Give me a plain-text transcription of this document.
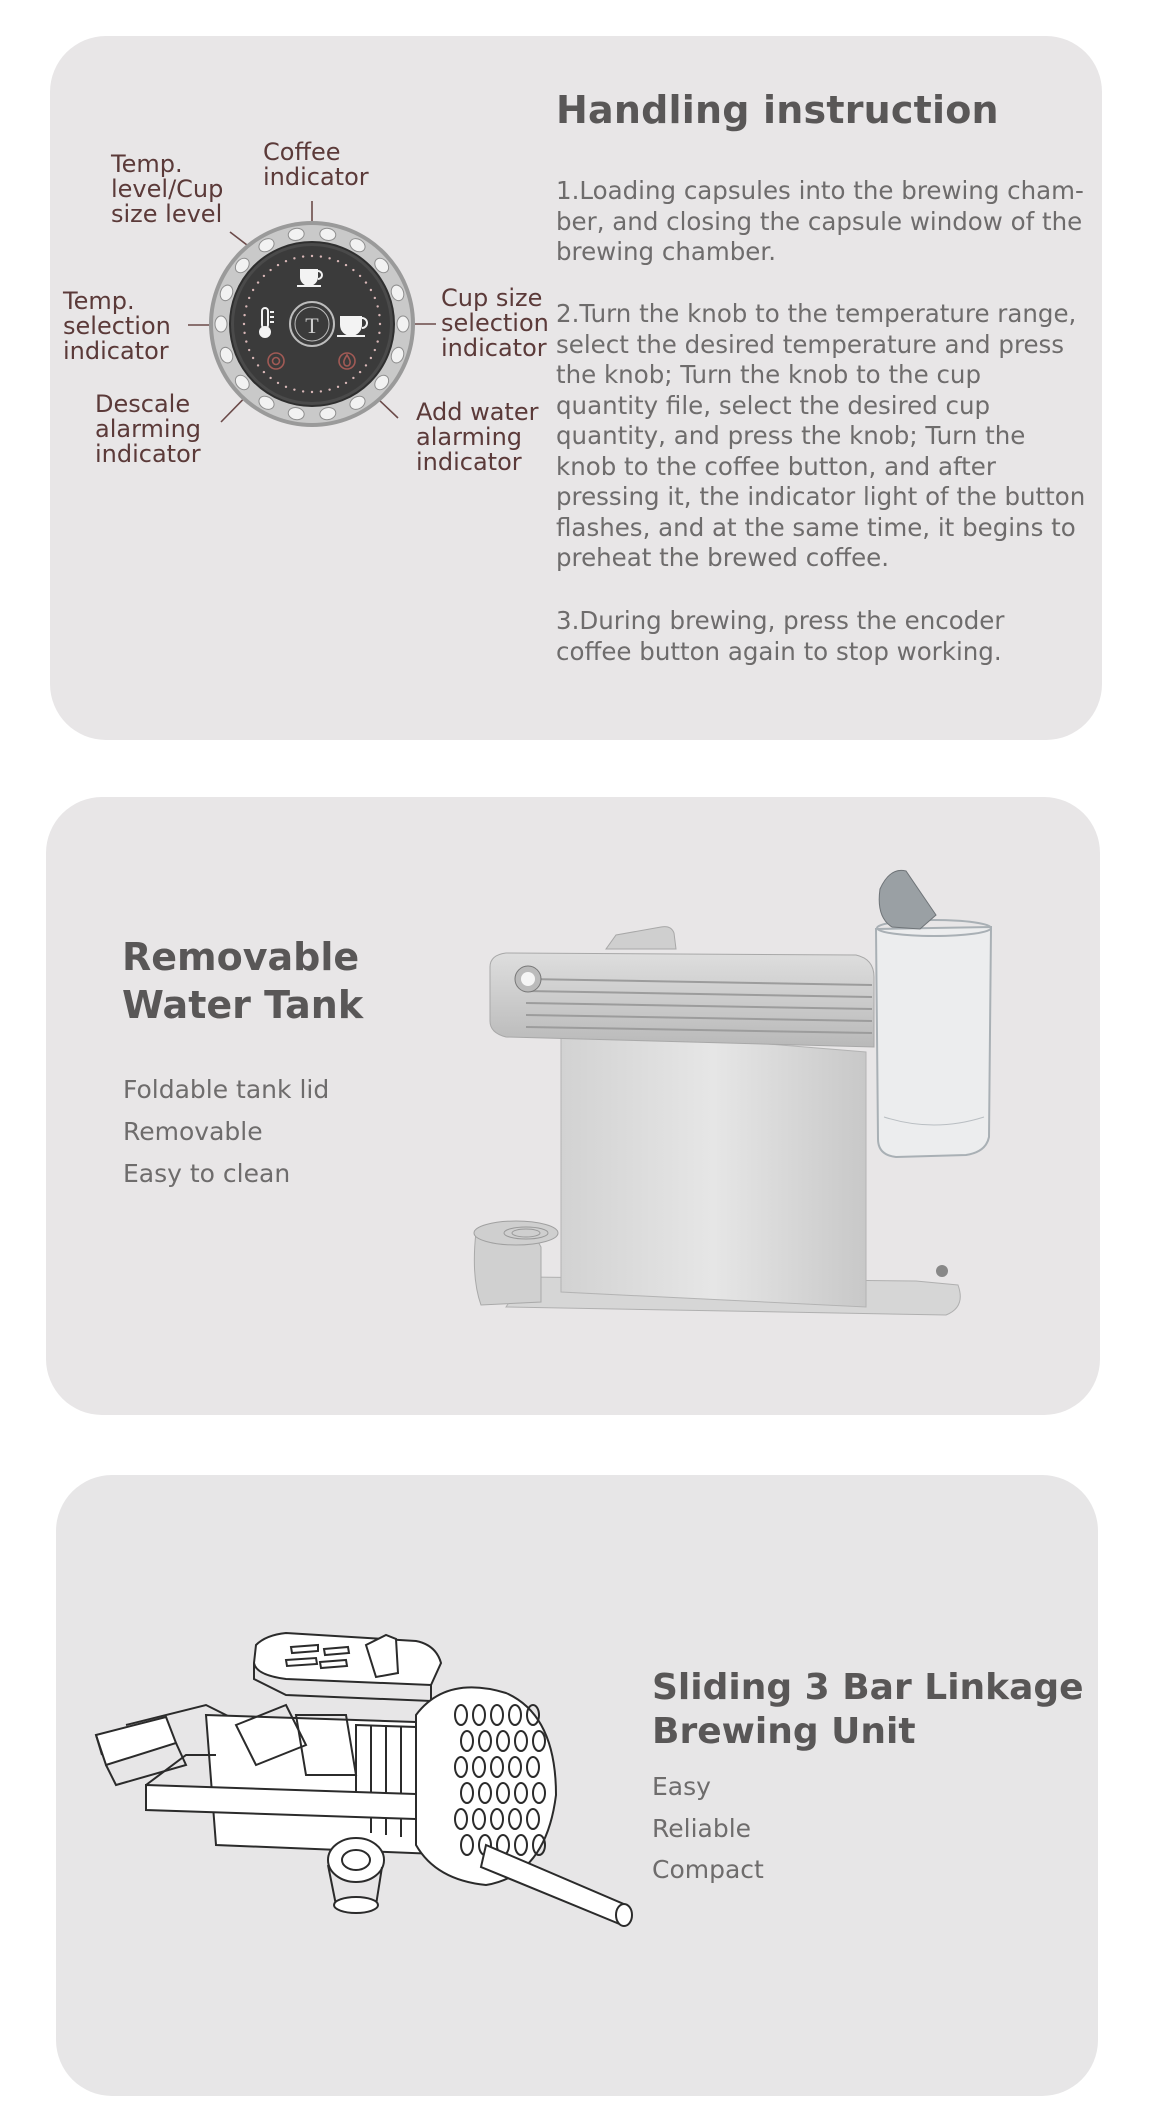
T
Temp.
level/Cup
size level
Coffee
indicator
Temp.
selection
indicator
Cup size
selection
indicator
Descale
alarming
indicator
Add water
alarming
indicator
Handling instruction

1.Loading capsules into the brewing cham-ber, and closing the capsule window of the brewing chamber.

2.Turn the knob to the temperature range, select the desired temperature and press the knob; Turn the knob to the cup quantity file, select the desired cup quantity, and press the knob; Turn the knob to the coffee button, and after pressing it, the indicator light of the button flashes, and at the same time, it begins to preheat the brewed coffee.

3.During brewing, press the encoder coffee button again to stop working.

Removable
Water Tank
Foldable tank lid
Removable
Easy to clean
Sliding 3 Bar Linkage
Brewing Unit
Easy
Reliable
Compact
